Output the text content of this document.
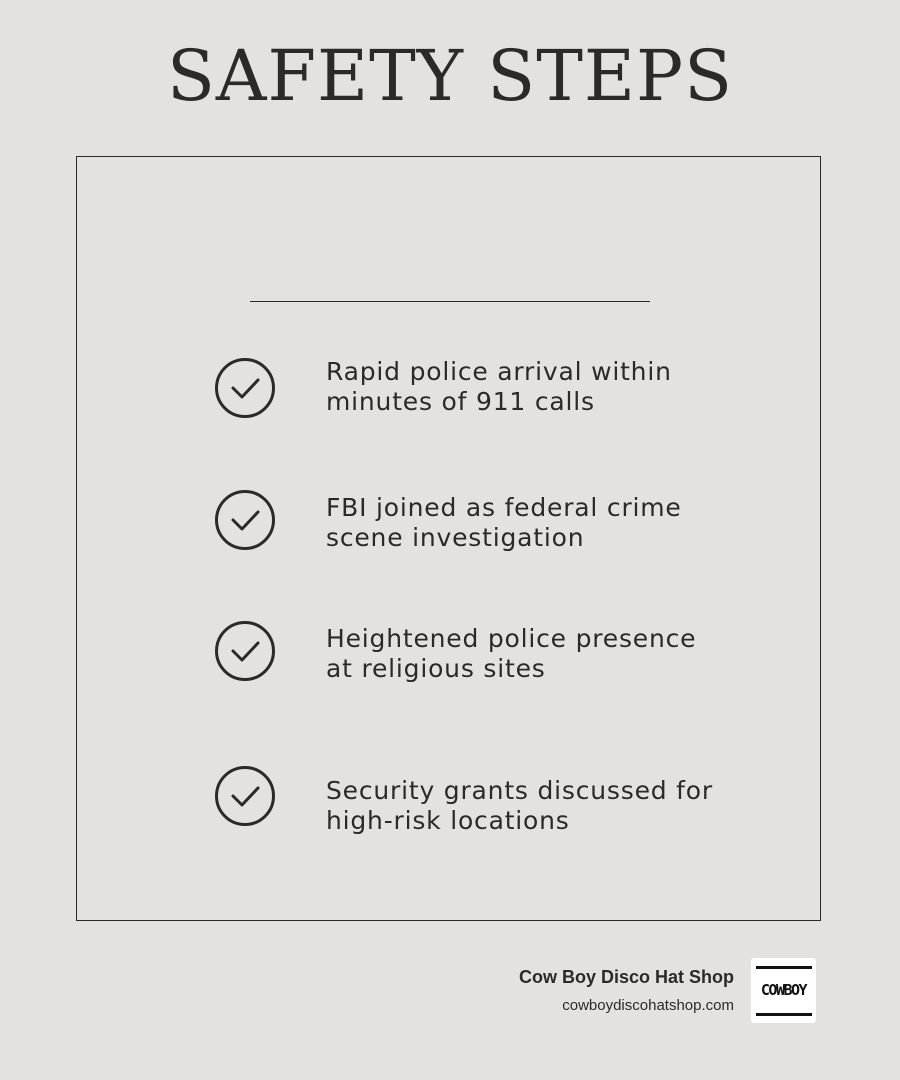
SAFETY STEPS
Rapid police arrival within
minutes of 911 calls
FBI joined as federal crime
scene investigation
Heightened police presence
at religious sites
Security grants discussed for
high-risk locations
Cow Boy Disco Hat Shop
cowboydiscohatshop.com
COWBOY
